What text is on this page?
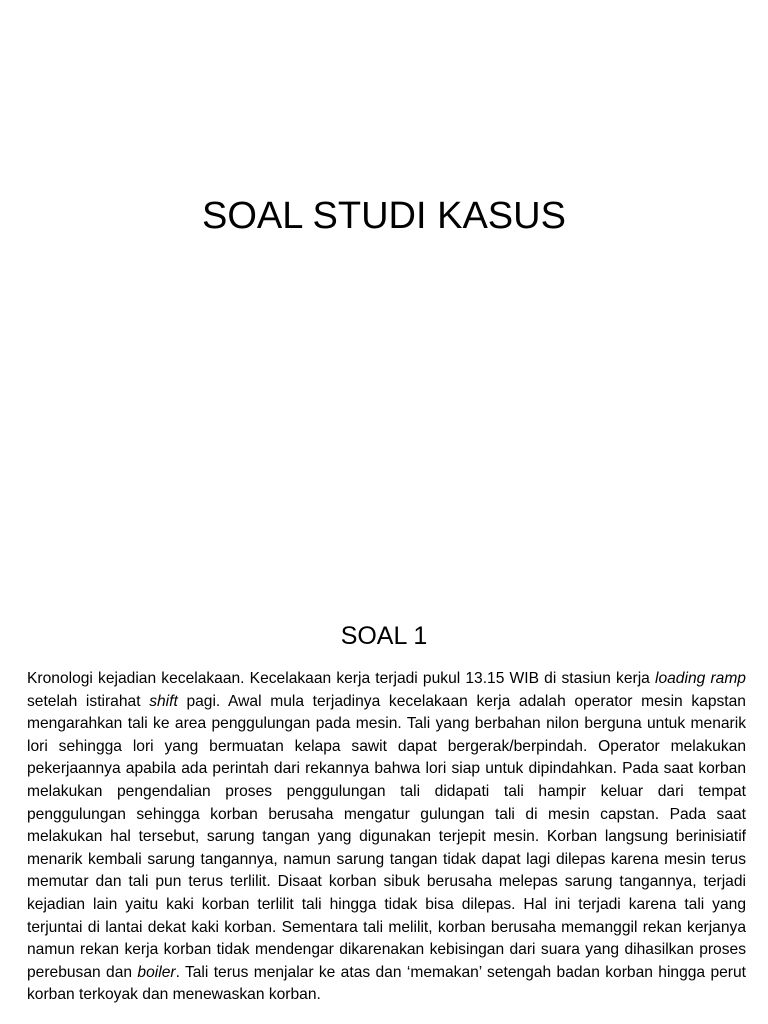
SOAL STUDI KASUS
SOAL 1

Kronologi kejadian kecelakaan. Kecelakaan kerja terjadi pukul 13.15 WIB di stasiun kerja loading ramp setelah istirahat shift pagi. Awal mula terjadinya kecelakaan kerja adalah operator mesin kapstan mengarahkan tali ke area penggulungan pada mesin. Tali yang berbahan nilon berguna untuk menarik lori sehingga lori yang bermuatan kelapa sawit dapat bergerak/berpindah. Operator melakukan pekerjaannya apabila ada perintah dari rekannya bahwa lori siap untuk dipindahkan. Pada saat korban melakukan pengendalian proses penggulungan tali didapati tali hampir keluar dari tempat penggulungan sehingga korban berusaha mengatur gulungan tali di mesin capstan. Pada saat melakukan hal tersebut, sarung tangan yang digunakan terjepit mesin. Korban langsung berinisiatif menarik kembali sarung tangannya, namun sarung tangan tidak dapat lagi dilepas karena mesin terus memutar dan tali pun terus terlilit. Disaat korban sibuk berusaha melepas sarung tangannya, terjadi kejadian lain yaitu kaki korban terlilit tali hingga tidak bisa dilepas. Hal ini terjadi karena tali yang terjuntai di lantai dekat kaki korban. Sementara tali melilit, korban berusaha memanggil rekan kerjanya namun rekan kerja korban tidak mendengar dikarenakan kebisingan dari suara yang dihasilkan proses perebusan dan boiler. Tali terus menjalar ke atas dan ‘memakan’ setengah badan korban hingga perut korban terkoyak dan menewaskan korban.
